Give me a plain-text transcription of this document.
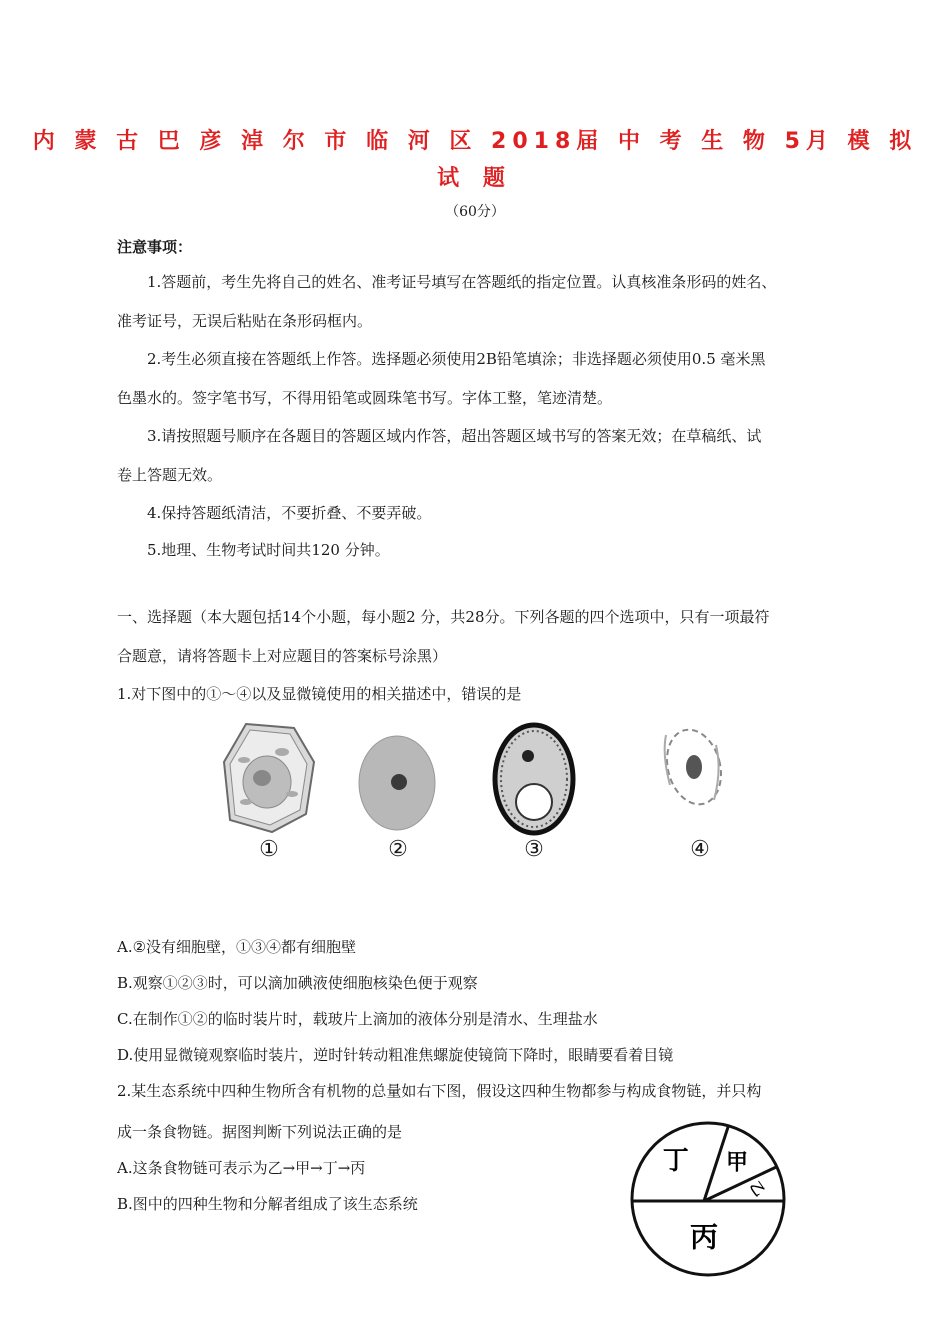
内 蒙 古 巴 彦 淖 尔 市 临 河 区 2018届 中 考 生 物 5月 模 拟
试 题
（60分）
注意事项：
1.答题前，考生先将自己的姓名、准考证号填写在答题纸的指定位置。认真核准条形码的姓名、
准考证号，无误后粘贴在条形码框内。
2.考生必须直接在答题纸上作答。选择题必须使用2B铅笔填涂；非选择题必须使用0.5 毫米黑
色墨水的。签字笔书写，不得用铅笔或圆珠笔书写。字体工整，笔迹清楚。
3.请按照题号顺序在各题目的答题区域内作答，超出答题区域书写的答案无效；在草稿纸、试
卷上答题无效。
4.保持答题纸清洁，不要折叠、不要弄破。
5.地理、生物考试时间共120 分钟。
一、选择题（本大题包括14个小题，每小题2 分，共28分。下列各题的四个选项中，只有一项最符
合题意，请将答题卡上对应题目的答案标号涂黑）
1.对下图中的①～④以及显微镜使用的相关描述中，错误的是
①	②	③	④
A.②没有细胞壁，①③④都有细胞壁
B.观察①②③时，可以滴加碘液使细胞核染色便于观察
C.在制作①②的临时装片时，载玻片上滴加的液体分别是清水、生理盐水
D.使用显微镜观察临时装片，逆时针转动粗准焦螺旋使镜筒下降时，眼睛要看着目镜
2.某生态系统中四种生物所含有机物的总量如右下图，假设这四种生物都参与构成食物链，并只构
成一条食物链。据图判断下列说法正确的是
A.这条食物链可表示为乙→甲→丁→丙
B.图中的四种生物和分解者组成了该生态系统
丙
丁 甲
乙
